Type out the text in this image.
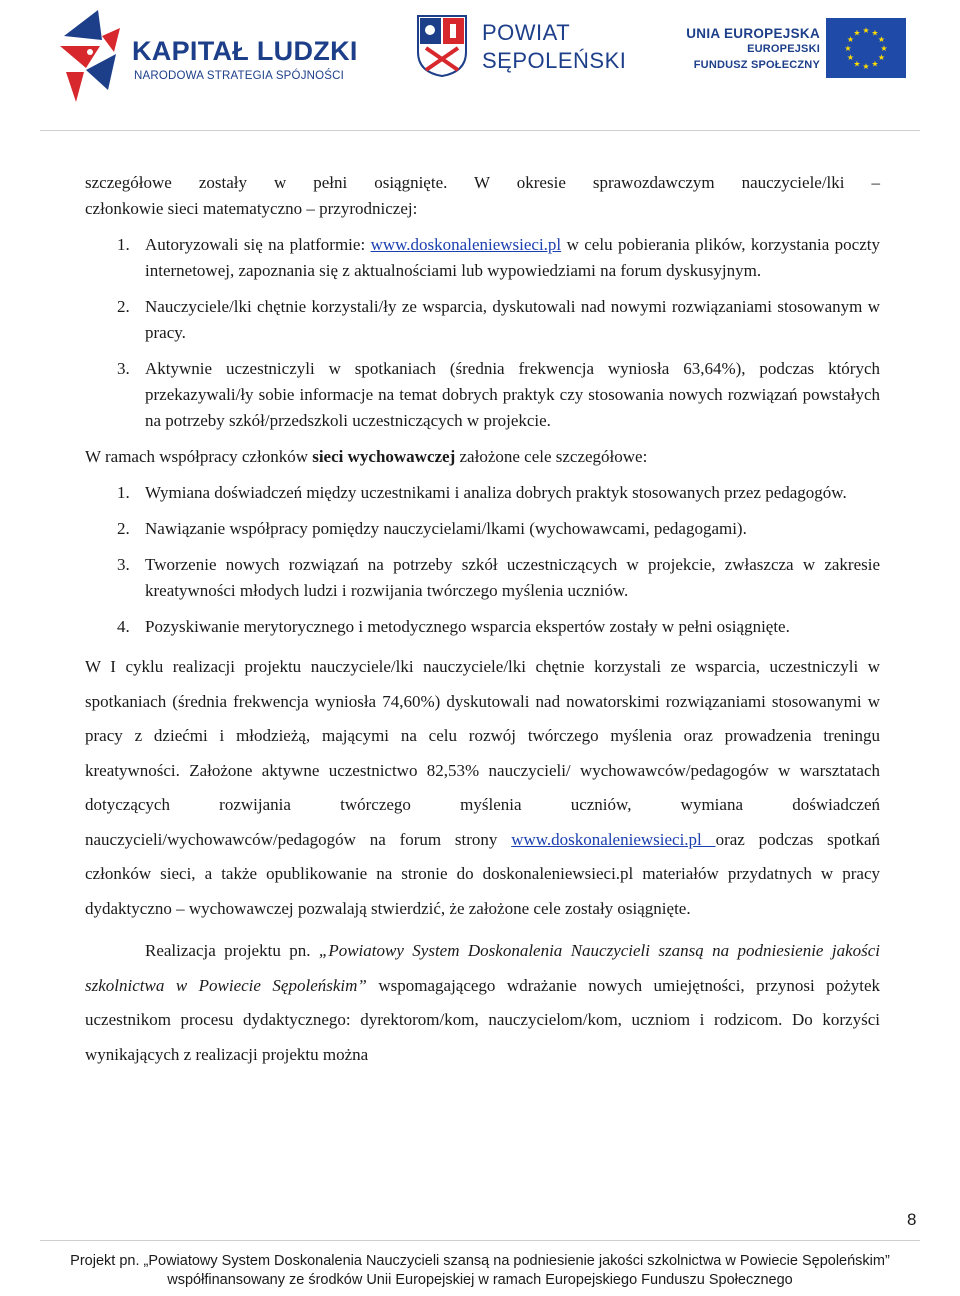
KAPITAŁ LUDZKI
NARODOWA STRATEGIA SPÓJNOŚCI
POWIAT
SĘPOLEŃSKI
UNIA EUROPEJSKA
EUROPEJSKI
FUNDUSZ SPOŁECZNY
★ ★
★
★
★
★
★
★
★
★
★
★

szczegółowe zostały w pełni osiągnięte. W okresie sprawozdawczym nauczyciele/lki –

członkowie sieci matematyczno – przyrodniczej:

1. Autoryzowali się na platformie: www.doskonaleniewsieci.pl w celu pobierania plików, korzystania poczty internetowej, zapoznania się z aktualnościami lub wypowiedziami na forum dyskusyjnym.
2. Nauczyciele/lki chętnie korzystali/ły ze wsparcia, dyskutowali nad nowymi rozwiązaniami stosowanym w pracy.
3. Aktywnie uczestniczyli w spotkaniach (średnia frekwencja wyniosła 63,64%), podczas których przekazywali/ły sobie informacje na temat dobrych praktyk czy stosowania nowych rozwiązań powstałych na potrzeby szkół/przedszkoli uczestniczących w projekcie.

W ramach współpracy członków sieci wychowawczej założone cele szczegółowe:

1. Wymiana doświadczeń między uczestnikami i analiza dobrych praktyk stosowanych przez pedagogów.
2. Nawiązanie współpracy pomiędzy nauczycielami/lkami (wychowawcami, pedagogami).
3. Tworzenie nowych rozwiązań na potrzeby szkół uczestniczących w projekcie, zwłaszcza w zakresie kreatywności młodych ludzi i rozwijania twórczego myślenia uczniów.
4. Pozyskiwanie merytorycznego i metodycznego wsparcia ekspertów zostały w pełni osiągnięte.

W I cyklu realizacji projektu nauczyciele/lki nauczyciele/lki chętnie korzystali ze wsparcia, uczestniczyli w spotkaniach (średnia frekwencja wyniosła 74,60%) dyskutowali nad nowatorskimi rozwiązaniami stosowanymi w pracy z dziećmi i młodzieżą, mającymi na celu rozwój twórczego myślenia oraz prowadzenia treningu kreatywności. Założone aktywne uczestnictwo 82,53% nauczycieli/ wychowawców/pedagogów w warsztatach dotyczących rozwijania twórczego myślenia uczniów, wymiana doświadczeń nauczycieli/wychowawców/pedagogów na forum strony www.doskonaleniewsieci.pl oraz podczas spotkań członków sieci, a także opublikowanie na stronie do doskonaleniewsieci.pl materiałów przydatnych w pracy dydaktyczno – wychowawczej pozwalają stwierdzić, że założone cele zostały osiągnięte.

Realizacja projektu pn. „Powiatowy System Doskonalenia Nauczycieli szansą na podniesienie jakości szkolnictwa w Powiecie Sępoleńskim” wspomagającego wdrażanie nowych umiejętności, przynosi pożytek uczestnikom procesu dydaktycznego: dyrektorom/kom, nauczycielom/kom, uczniom i rodzicom. Do korzyści wynikających z realizacji projektu można

8
Projekt pn. „Powiatowy System Doskonalenia Nauczycieli szansą na podniesienie jakości szkolnictwa w Powiecie Sępoleńskim”
współfinansowany ze środków Unii Europejskiej w ramach Europejskiego Funduszu Społecznego
